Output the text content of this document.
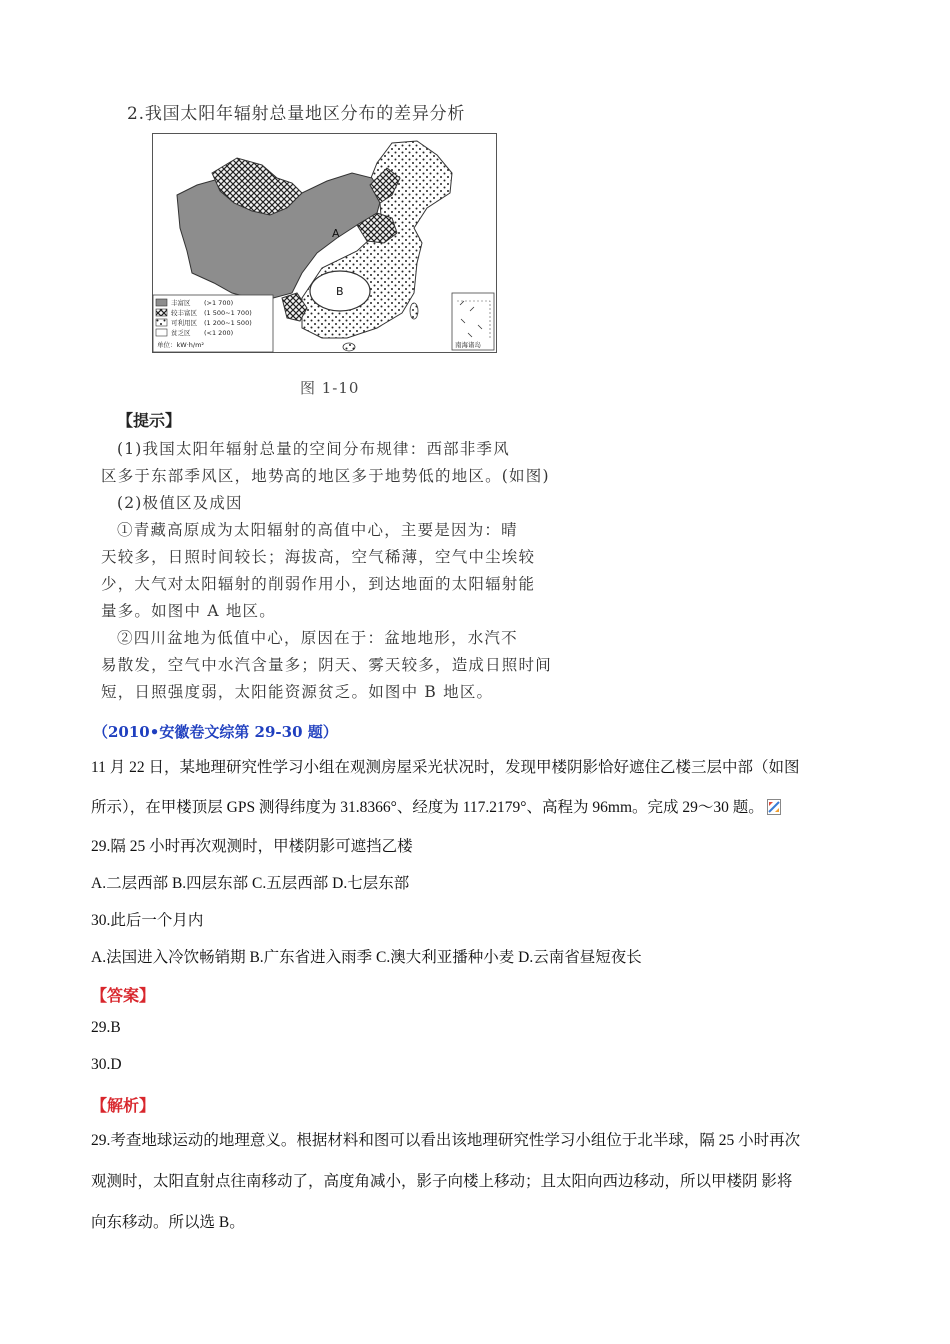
2.我国太阳年辐射总量地区分布的差异分析
A
B
丰富区 (>1 700)
较丰富区 (1 500~1 700)
可利用区 (1 200~1 500)
贫乏区 (<1 200)
单位：kW·h/m²	南海诸岛
图 1-10
【提示】
(1)我国太阳年辐射总量的空间分布规律：西部非季风
区多于东部季风区，地势高的地区多于地势低的地区。(如图)
(2)极值区及成因
①青藏高原成为太阳辐射的高值中心，主要是因为：晴
天较多，日照时间较长；海拔高，空气稀薄，空气中尘埃较
少，大气对太阳辐射的削弱作用小，到达地面的太阳辐射能
量多。如图中 A 地区。
②四川盆地为低值中心，原因在于：盆地地形，水汽不
易散发，空气中水汽含量多；阴天、雾天较多，造成日照时间
短，日照强度弱，太阳能资源贫乏。如图中 B 地区。
（2010•安徽卷文综第 29-30 题）
11 月 22 日，某地理研究性学习小组在观测房屋采光状况时，发现甲楼阴影恰好遮住乙楼三层中部（如图
所示），在甲楼顶层 GPS 测得纬度为 31.8366°、经度为 117.2179°、高程为 96mm。完成 29～30 题。
29.隔 25 小时再次观测时，甲楼阴影可遮挡乙楼
A.二层西部 B.四层东部 C.五层西部 D.七层东部
30.此后一个月内
A.法国进入冷饮畅销期 B.广东省进入雨季 C.澳大利亚播种小麦 D.云南省昼短夜长
【答案】
29.B
30.D
【解析】
29.考查地球运动的地理意义。根据材料和图可以看出该地理研究性学习小组位于北半球，隔 25 小时再次
观测时，太阳直射点往南移动了，高度角减小，影子向楼上移动；且太阳向西边移动，所以甲楼阴 影将
向东移动。所以选 B。
